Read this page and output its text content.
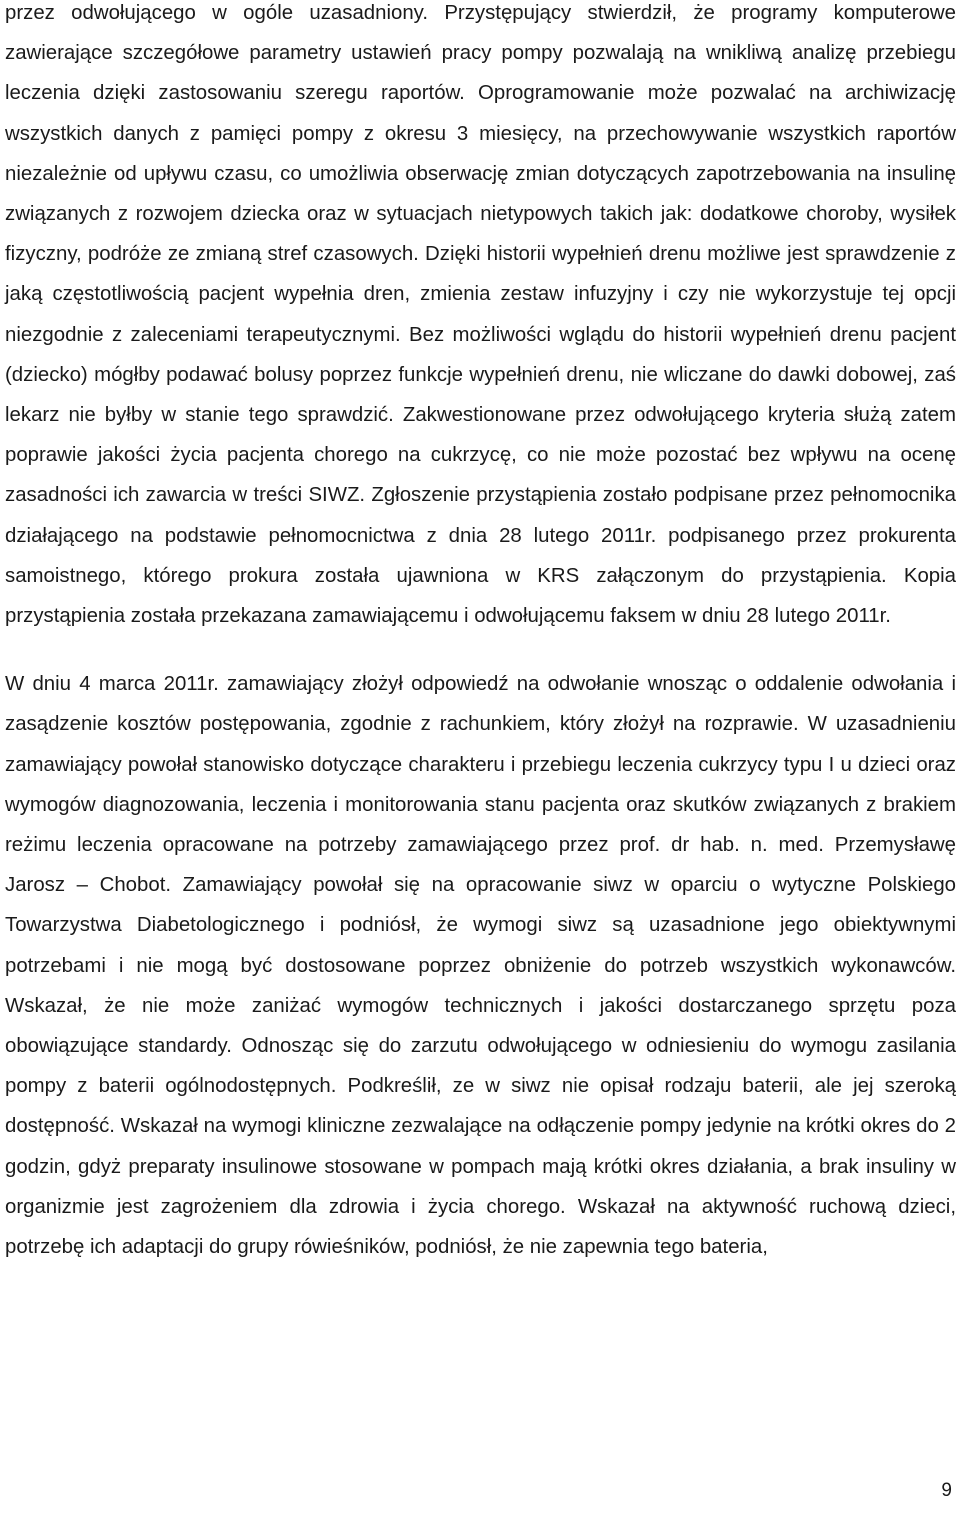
przez odwołującego w ogóle uzasadniony. Przystępujący stwierdził, że programy komputerowe zawierające szczegółowe parametry ustawień pracy pompy pozwalają na wnikliwą analizę przebiegu leczenia dzięki zastosowaniu szeregu raportów. Oprogramowanie może pozwalać na archiwizację wszystkich danych z pamięci pompy z okresu 3 miesięcy, na przechowywanie wszystkich raportów niezależnie od upływu czasu, co umożliwia obserwację zmian dotyczących zapotrzebowania na insulinę związanych z rozwojem dziecka oraz w sytuacjach nietypowych takich jak: dodatkowe choroby, wysiłek fizyczny, podróże ze zmianą stref czasowych. Dzięki historii wypełnień drenu możliwe jest sprawdzenie z jaką częstotliwością pacjent wypełnia dren, zmienia zestaw infuzyjny i czy nie wykorzystuje tej opcji niezgodnie z zaleceniami terapeutycznymi. Bez możliwości wglądu do historii wypełnień drenu pacjent (dziecko) mógłby podawać bolusy poprzez funkcje wypełnień drenu, nie wliczane do dawki dobowej, zaś lekarz nie byłby w stanie tego sprawdzić. Zakwestionowane przez odwołującego kryteria służą zatem poprawie jakości życia pacjenta chorego na cukrzycę, co nie może pozostać bez wpływu na ocenę zasadności ich zawarcia w treści SIWZ. Zgłoszenie przystąpienia zostało podpisane przez pełnomocnika działającego na podstawie pełnomocnictwa z dnia 28 lutego 2011r. podpisanego przez prokurenta samoistnego, którego prokura została ujawniona w KRS załączonym do przystąpienia. Kopia przystąpienia została przekazana zamawiającemu i odwołującemu faksem w dniu 28 lutego 2011r.

W dniu 4 marca 2011r. zamawiający złożył odpowiedź na odwołanie wnosząc o oddalenie odwołania i zasądzenie kosztów postępowania, zgodnie z rachunkiem, który złożył na rozprawie. W uzasadnieniu zamawiający powołał stanowisko dotyczące charakteru i przebiegu leczenia cukrzycy typu I u dzieci oraz wymogów diagnozowania, leczenia i monitorowania stanu pacjenta oraz skutków związanych z brakiem reżimu leczenia opracowane na potrzeby zamawiającego przez prof. dr hab. n. med. Przemysławę Jarosz – Chobot. Zamawiający powołał się na opracowanie siwz w oparciu o wytyczne Polskiego Towarzystwa Diabetologicznego i podniósł, że wymogi siwz są uzasadnione jego obiektywnymi potrzebami i nie mogą być dostosowane poprzez obniżenie do potrzeb wszystkich wykonawców. Wskazał, że nie może zaniżać wymogów technicznych i jakości dostarczanego sprzętu poza obowiązujące standardy. Odnosząc się do zarzutu odwołującego w odniesieniu do wymogu zasilania pompy z baterii ogólnodostępnych. Podkreślił, ze w siwz nie opisał rodzaju baterii, ale jej szeroką dostępność. Wskazał na wymogi kliniczne zezwalające na odłączenie pompy jedynie na krótki okres do 2 godzin, gdyż preparaty insulinowe stosowane w pompach mają krótki okres działania, a brak insuliny w organizmie jest zagrożeniem dla zdrowia i życia chorego. Wskazał na aktywność ruchową dzieci, potrzebę ich adaptacji do grupy rówieśników, podniósł, że nie zapewnia tego bateria,

9
